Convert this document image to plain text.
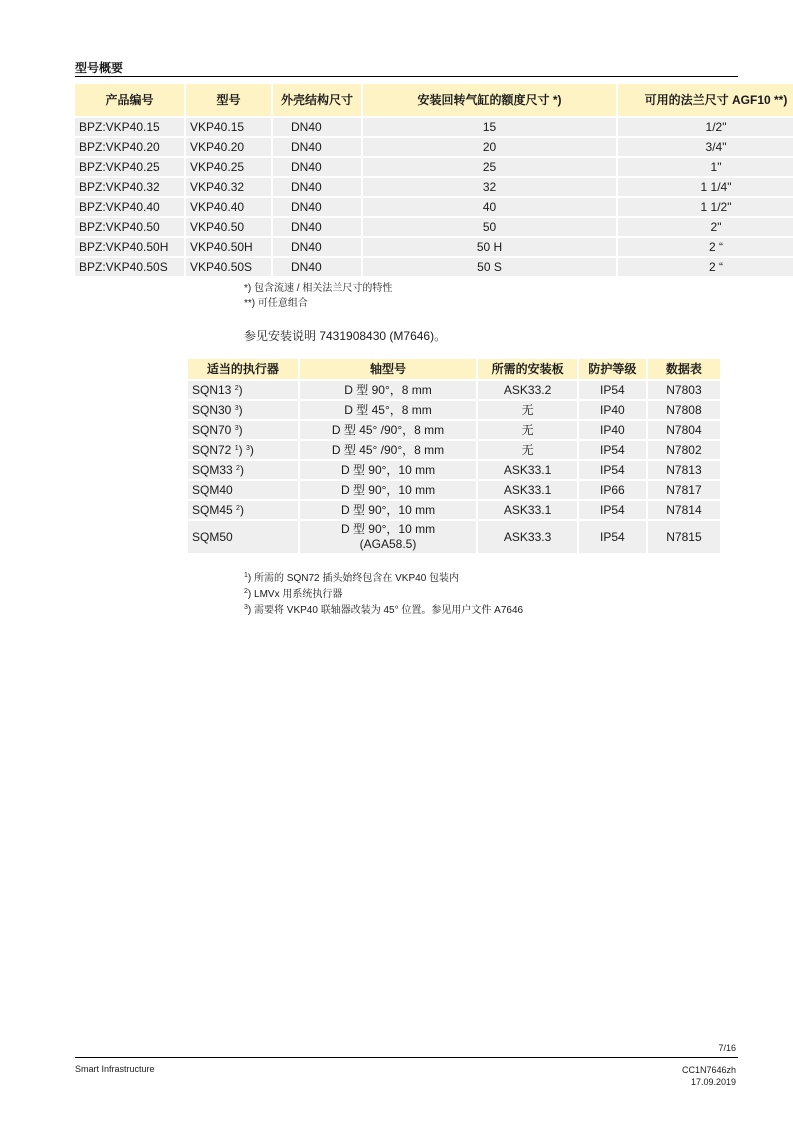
型号概要
产品编号	型号	外壳结构尺寸	安装回转气缸的额度尺寸 *)	可用的法兰尺寸 AGF10 **)
BPZ:VKP40.15	VKP40.15	DN40	15	1/2"
BPZ:VKP40.20	VKP40.20	DN40	20	3/4"
BPZ:VKP40.25	VKP40.25	DN40	25	1"
BPZ:VKP40.32	VKP40.32	DN40	32	1 1/4"
BPZ:VKP40.40	VKP40.40	DN40	40	1 1/2"
BPZ:VKP40.50	VKP40.50	DN40	50	2"
BPZ:VKP40.50H	VKP40.50H	DN40	50 H	2 “
BPZ:VKP40.50S	VKP40.50S	DN40	50 S	2 “
*) 包含流速 / 相关法兰尺寸的特性
**) 可任意组合
参见安装说明 7431908430 (M7646)。
适当的执行器	轴型号	所需的安装板	防护等级	数据表
SQN13 $^2$)	D 型 90°，8 mm	ASK33.2	IP54	N7803
SQN30 $^3$)	D 型 45°，8 mm	无	IP40	N7808
SQN70 $^3$)	D 型 45° /90°，8 mm	无	IP40	N7804
SQN72 $^1$) $^3$)	D 型 45° /90°，8 mm	无	IP54	N7802
SQM33 $^2$)	D 型 90°，10 mm	ASK33.1	IP54	N7813
SQM40	D 型 90°，10 mm	ASK33.1	IP66	N7817
SQM45 $^2$)	D 型 90°，10 mm	ASK33.1	IP54	N7814
SQM50	D 型 90°，10 mm
(AGA58.5)	ASK33.3	IP54	N7815
$^1$) 所需的 SQN72 插头始终包含在 VKP40 包装内
$^2$) LMVx 用系统执行器
$^3$) 需要将 VKP40 联轴器改装为 45° 位置。参见用户文件 A7646
7/16
Smart Infrastructure	CC1N7646zh
17.09.2019
